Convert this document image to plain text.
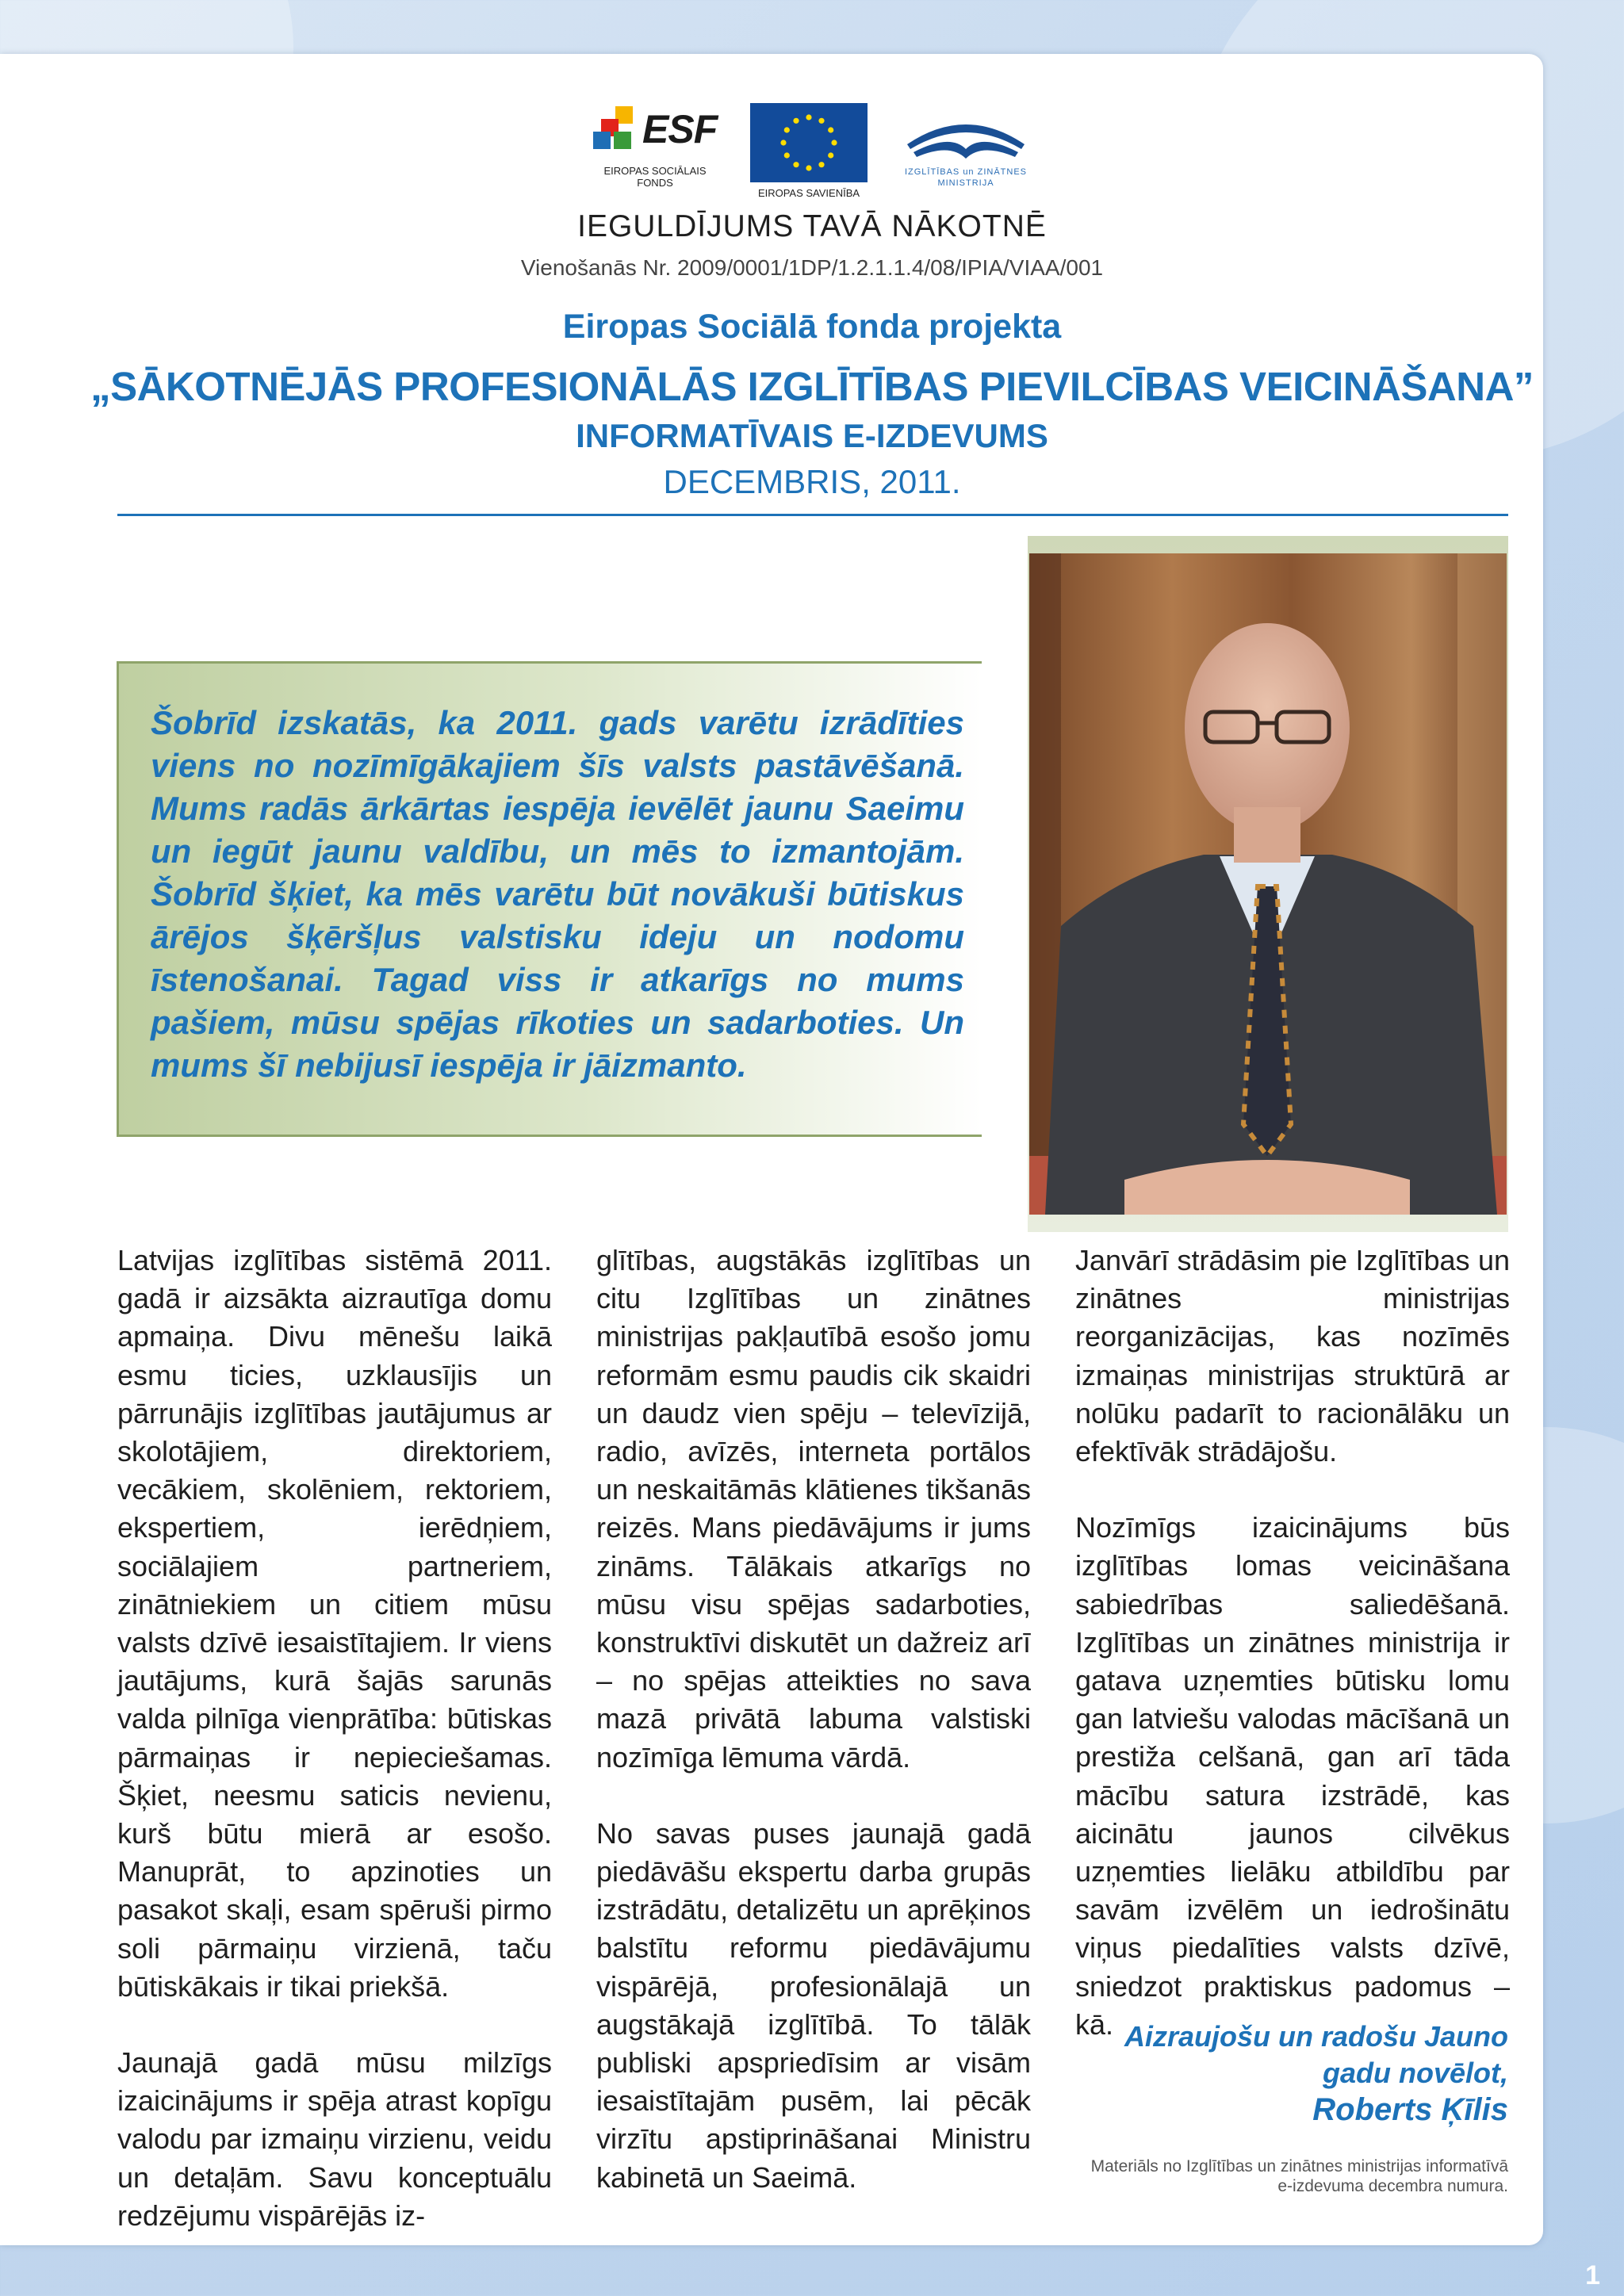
ESF
EIROPAS SOCIĀLAIS FONDS
EIROPAS SAVIENĪBA
IZGLĪTĪBAS un ZINĀTNES MINISTRIJA
IEGULDĪJUMS TAVĀ NĀKOTNĒ
Vienošanās Nr. 2009/0001/1DP/1.2.1.1.4/08/IPIA/VIAA/001
Eiropas Sociālā fonda projekta
„SĀKOTNĒJĀS PROFESIONĀLĀS IZGLĪTĪBAS PIEVILCĪBAS VEICINĀŠANA”
INFORMATĪVAIS E-IZDEVUMS
DECEMBRIS, 2011.

Šobrīd izskatās, ka 2011. gads varētu izrādīties viens no nozīmīgākajiem šīs valsts pastāvēšanā. Mums radās ārkārtas iespēja ievēlēt jaunu Saeimu un iegūt jaunu valdību, un mēs to izmantojām. Šobrīd šķiet, ka mēs varētu būt novākuši būtiskus ārējos šķēršļus valstisku ideju un nodomu īstenošanai. Tagad viss ir atkarīgs no mums pašiem, mūsu spējas rīkoties un sadarboties. Un mums šī nebijusī iespēja ir jāizmanto.

Latvijas izglītības sistēmā 2011. gadā ir aizsākta aizrautīga domu apmaiņa. Divu mēnešu laikā esmu ticies, uzklausījis un pārrunājis izglītības jautājumus ar skolotājiem, direktoriem, vecākiem, skolēniem, rektoriem, ekspertiem, ierēdņiem, sociālajiem partneriem, zinātniekiem un citiem mūsu valsts dzīvē iesaistītajiem. Ir viens jautājums, kurā šajās sarunās valda pilnīga vienprātība: būtiskas pārmaiņas ir nepieciešamas. Šķiet, neesmu saticis nevienu, kurš būtu mierā ar esošo. Manuprāt, to apzinoties un pasakot skaļi, esam spēruši pirmo soli pārmaiņu virzienā, taču būtiskākais ir tikai priekšā.

Jaunajā gadā mūsu milzīgs izaicinājums ir spēja atrast kopīgu valodu par izmaiņu virzienu, veidu un detaļām. Savu konceptuālu redzējumu vispārējās iz-

glītības, augstākās izglītības un citu Izglītības un zinātnes ministrijas pakļautībā esošo jomu reformām esmu paudis cik skaidri un daudz vien spēju – televīzijā, radio, avīzēs, interneta portālos un neskaitāmās klātienes tikšanās reizēs. Mans piedāvājums ir jums zināms. Tālākais atkarīgs no mūsu visu spējas sadarboties, konstruktīvi diskutēt un dažreiz arī – no spējas atteikties no sava mazā privātā labuma valstiski nozīmīga lēmuma vārdā.

No savas puses jaunajā gadā piedāvāšu ekspertu darba grupās izstrādātu, detalizētu un aprēķinos balstītu reformu piedāvājumu vispārējā, profesionālajā un augstākajā izglītībā. To tālāk publiski apspriedīsim ar visām iesaistītajām pusēm, lai pēcāk virzītu apstiprināšanai Ministru kabinetā un Saeimā.

Janvārī strādāsim pie Izglītības un zinātnes ministrijas reorganizācijas, kas nozīmēs izmaiņas ministrijas struktūrā ar nolūku padarīt to racionālāku un efektīvāk strādājošu.

Nozīmīgs izaicinājums būs izglītības lomas veicināšana sabiedrības saliedēšanā. Izglītības un zinātnes ministrija ir gatava uzņemties būtisku lomu gan latviešu valodas mācīšanā un prestiža celšanā, gan arī tāda mācību satura izstrādē, kas aicinātu jaunos cilvēkus uzņemties lielāku atbildību par savām izvēlēm un iedrošinātu viņus piedalīties valsts dzīvē, sniedzot praktiskus padomus – kā. Aizraujošu un radošu Jauno
gadu novēlot,
Roberts Ķīlis
Materiāls no Izglītības un zinātnes ministrijas informatīvā
e-izdevuma decembra numura.
1
